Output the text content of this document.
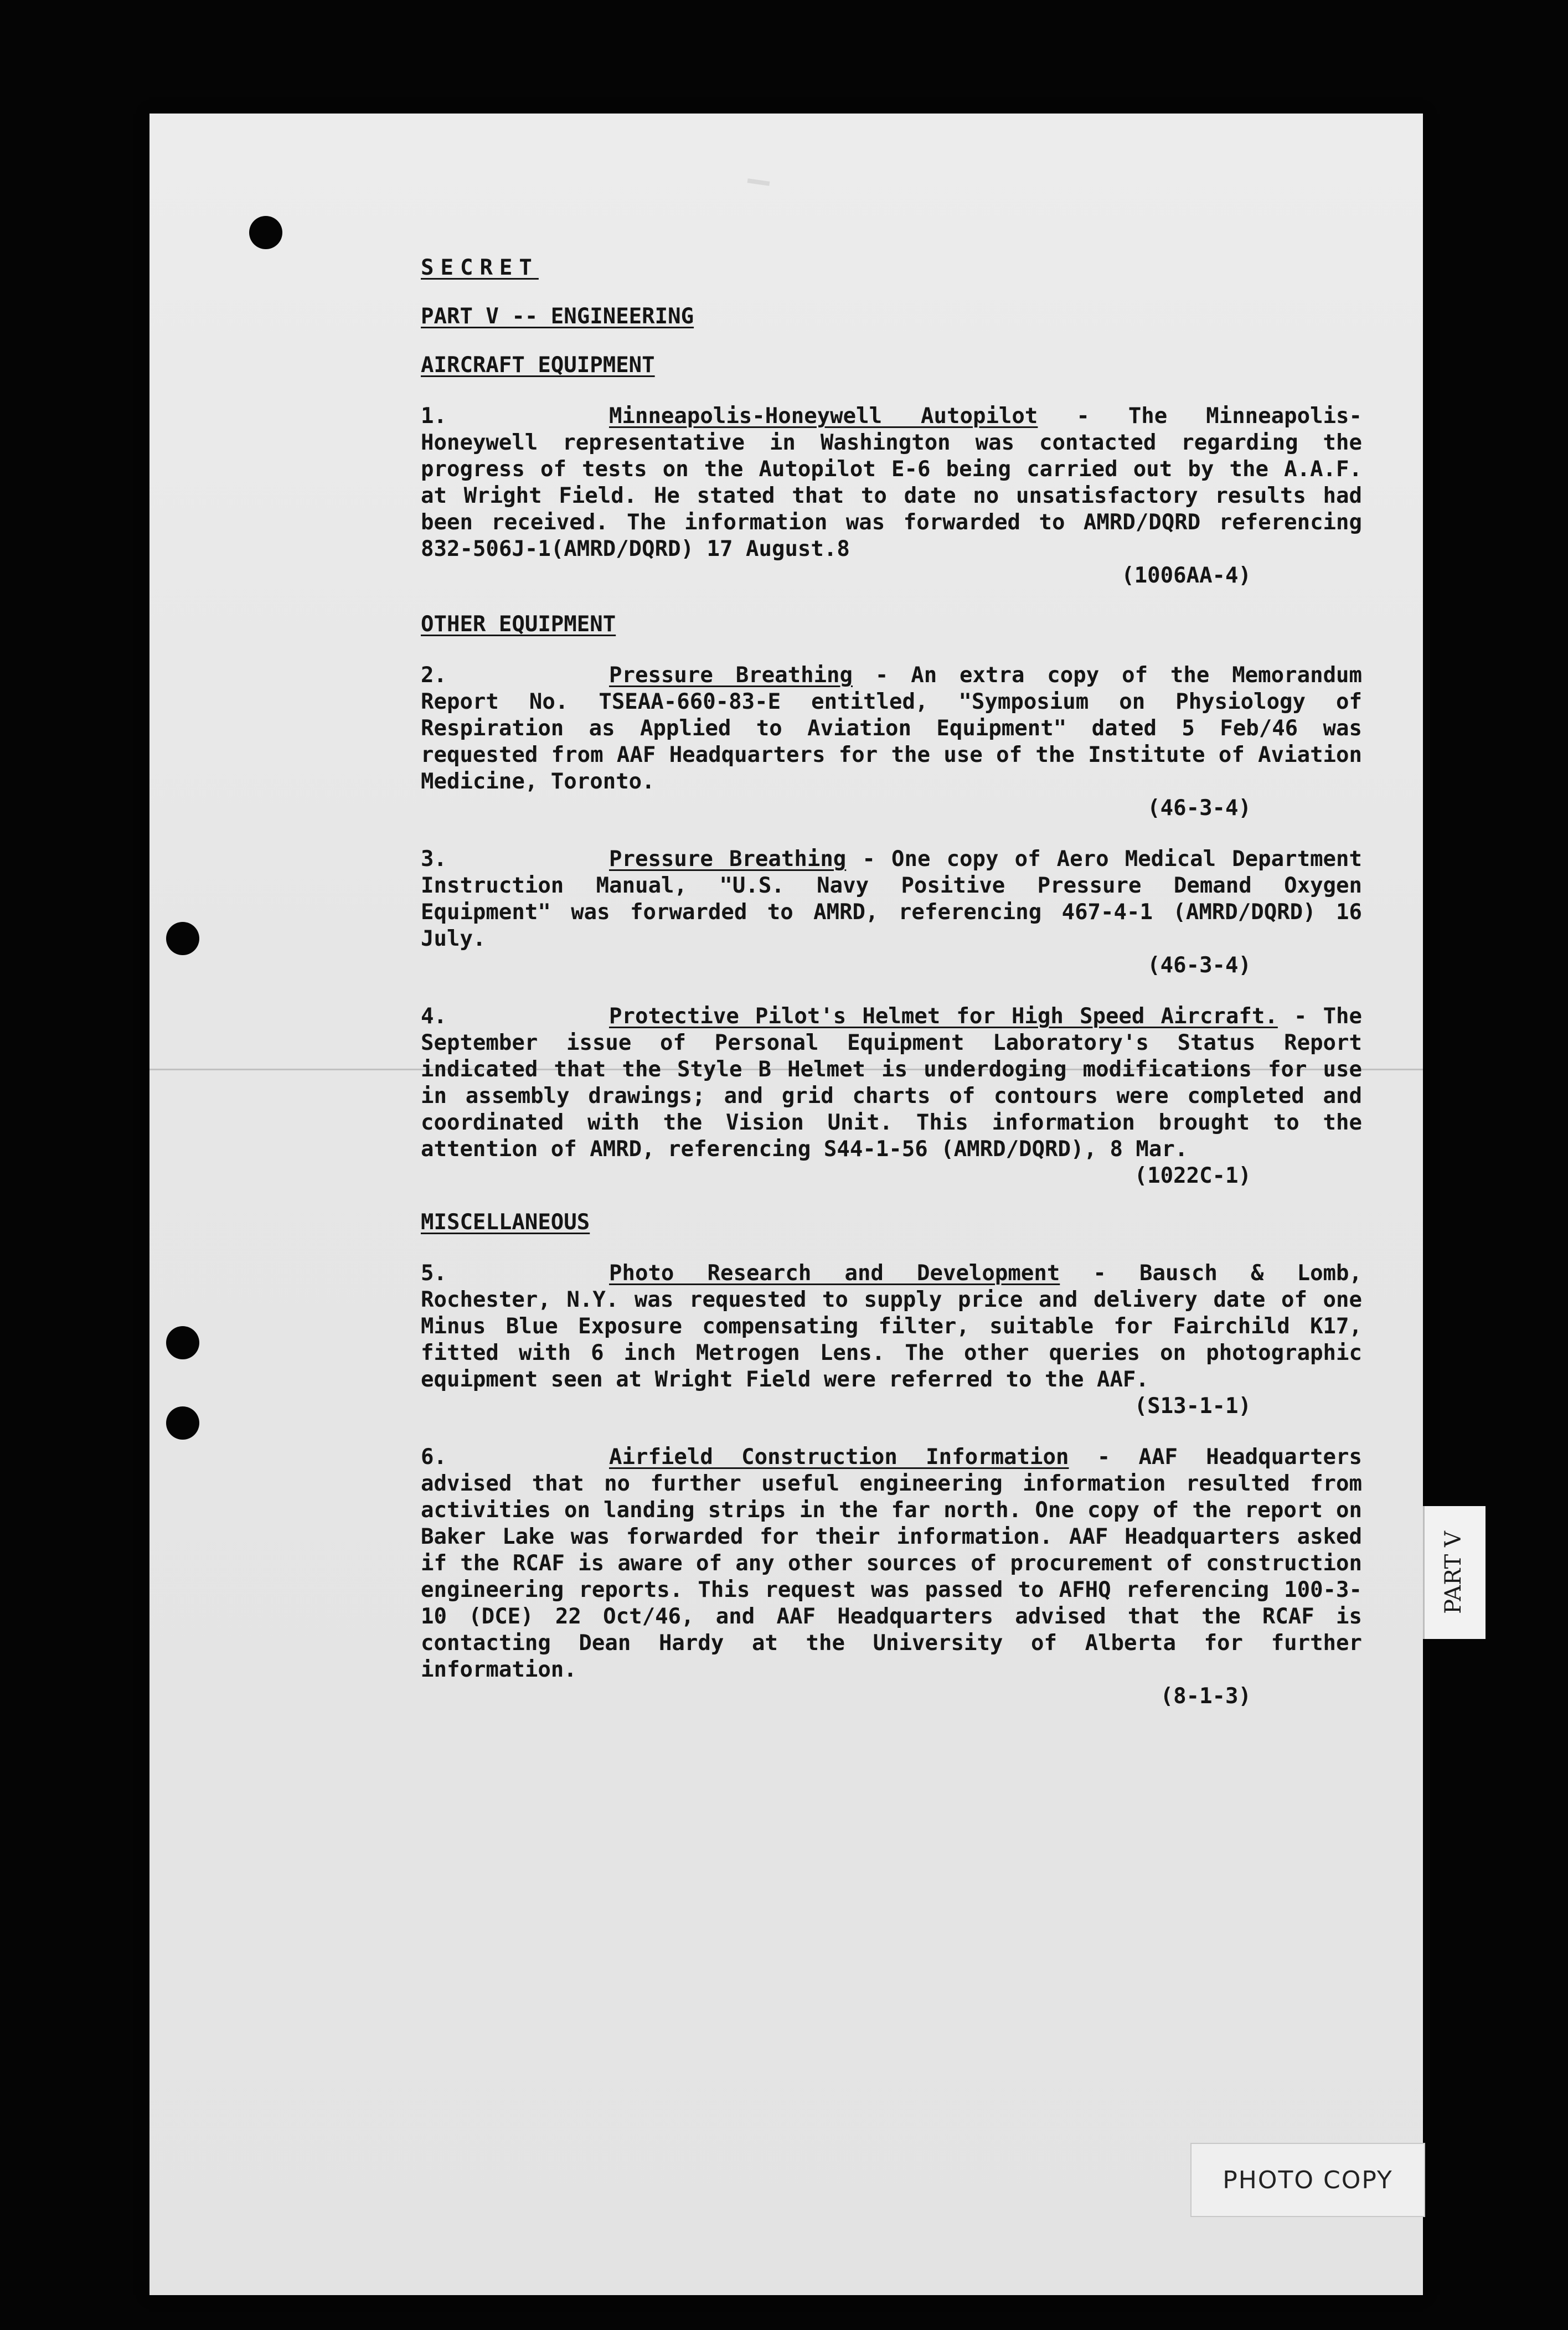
SECRET
PART V -- ENGINEERING
AIRCRAFT EQUIPMENT

1.	Minneapolis-Honeywell Autopilot - The Minneapolis-Honeywell representative in Washington was contacted regarding the progress of tests on the Autopilot E-6 being carried out by the A.A.F. at Wright Field. He stated that to date no unsatisfactory results had been received. The information was forwarded to AMRD/DQRD referencing 832-506J-1(AMRD/DQRD) 17 August.8

(1006AA-4)
OTHER EQUIPMENT

2.	Pressure Breathing - An extra copy of the Memorandum Report No. TSEAA-660-83-E entitled, "Symposium on Physiology of Respiration as Applied to Aviation Equipment" dated 5 Feb/46 was requested from AAF Headquarters for the use of the Institute of Aviation Medicine, Toronto.

(46-3-4)

3.	Pressure Breathing - One copy of Aero Medical Department Instruction Manual, "U.S. Navy Positive Pressure Demand Oxygen Equipment" was forwarded to AMRD, referencing 467-4-1 (AMRD/DQRD) 16 July.

(46-3-4)

4.	Protective Pilot's Helmet for High Speed Aircraft. - The September issue of Personal Equipment Laboratory's Status Report indicated that the Style B Helmet is underdoging modifications for use in assembly drawings; and grid charts of contours were completed and coordinated with the Vision Unit. This information brought to the attention of AMRD, referencing S44-1-56 (AMRD/DQRD), 8 Mar.

(1022C-1)
MISCELLANEOUS

5.	Photo Research and Development - Bausch & Lomb, Rochester, N.Y. was requested to supply price and delivery date of one Minus Blue Exposure compensating filter, suitable for Fairchild K17, fitted with 6 inch Metrogen Lens. The other queries on photographic equipment seen at Wright Field were referred to the AAF.

(S13-1-1)

6.	Airfield Construction Information - AAF Headquarters advised that no further useful engineering information resulted from activities on landing strips in the far north. One copy of the report on Baker Lake was forwarded for their information. AAF Headquarters asked if the RCAF is aware of any other sources of procurement of construction engineering reports. This request was passed to AFHQ referencing 100-3-10 (DCE) 22 Oct/46, and AAF Headquarters advised that the RCAF is contacting Dean Hardy at the University of Alberta for further information.

(8-1-3)
PART V
PHOTO COPY
